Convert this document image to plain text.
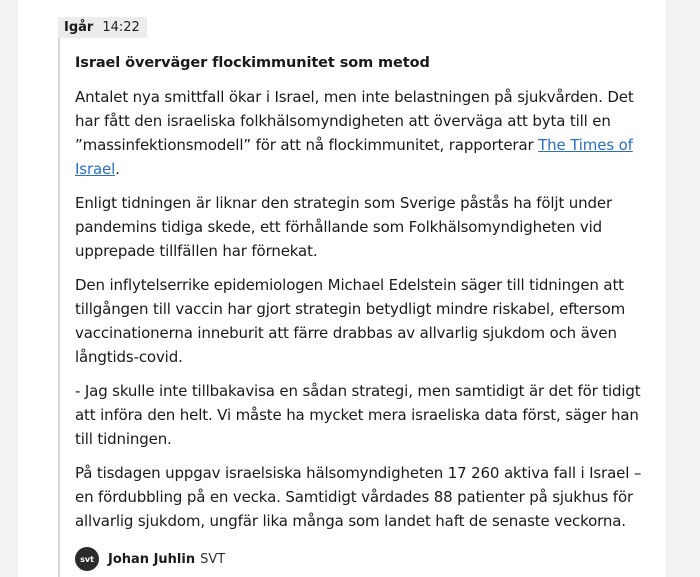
Igår 14:22
Israel överväger flockimmunitet som metod

Antalet nya smittfall ökar i Israel, men inte belastningen på sjukvården. Det har fått den israeliska folkhälsomyndigheten att överväga att byta till en ”massinfektionsmodell” för att nå flockimmunitet, rapporterar The Times of Israel.

Enligt tidningen är liknar den strategin som Sverige påstås ha följt under pandemins tidiga skede, ett förhållande som Folkhälsomyndigheten vid upprepade tillfällen har förnekat.

Den inflytelserrike epidemiologen Michael Edelstein säger till tidningen att tillgången till vaccin har gjort strategin betydligt mindre riskabel, eftersom vaccinationerna inneburit att färre drabbas av allvarlig sjukdom och även långtids-covid.

- Jag skulle inte tillbakavisa en sådan strategi, men samtidigt är det för tidigt att införa den helt. Vi måste ha mycket mera israeliska data först, säger han till tidningen.

På tisdagen uppgav israelsiska hälsomyndigheten 17 260 aktiva fall i Israel – en fördubbling på en vecka. Samtidigt vårdades 88 patienter på sjukhus för allvarlig sjukdom, ungfär lika många som landet haft de senaste veckorna.

svt	Johan Juhlin SVT
